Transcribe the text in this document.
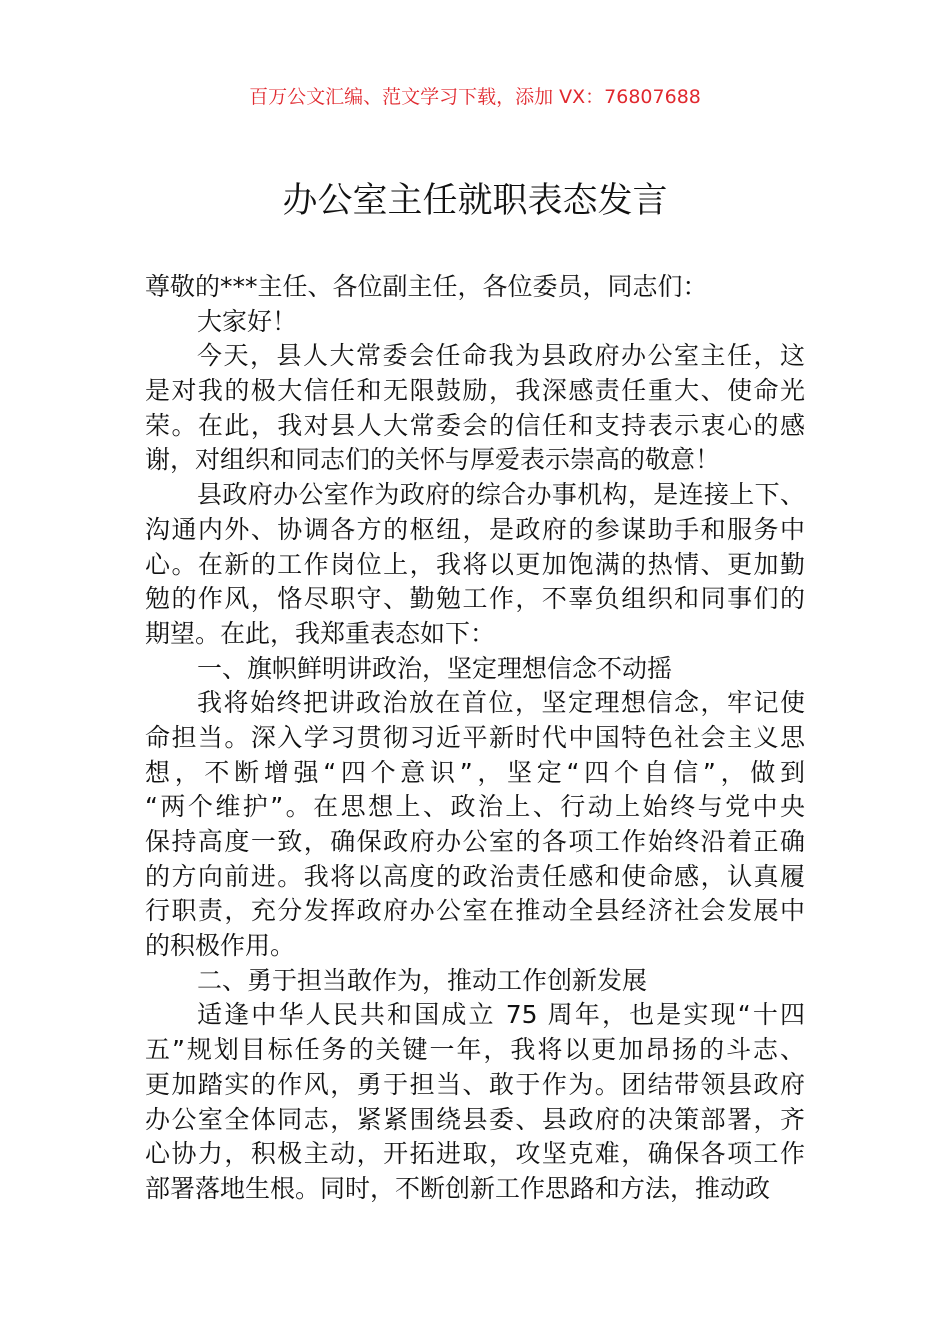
百万公文汇编、范文学习下载，添加 VX：76807688
办公室主任就职表态发言
尊敬的***主任、各位副主任，各位委员，同志们：
大家好！
今天，县人大常委会任命我为县政府办公室主任，这
是对我的极大信任和无限鼓励，我深感责任重大、使命光
荣。在此，我对县人大常委会的信任和支持表示衷心的感
谢，对组织和同志们的关怀与厚爱表示崇高的敬意！
县政府办公室作为政府的综合办事机构，是连接上下、
沟通内外、协调各方的枢纽，是政府的参谋助手和服务中
心。在新的工作岗位上，我将以更加饱满的热情、更加勤
勉的作风，恪尽职守、勤勉工作，不辜负组织和同事们的
期望。在此，我郑重表态如下：
一、旗帜鲜明讲政治，坚定理想信念不动摇
我将始终把讲政治放在首位，坚定理想信念，牢记使
命担当。深入学习贯彻习近平新时代中国特色社会主义思
想，不断增强“四个意识”，坚定“四个自信”，做到
“两个维护”。在思想上、政治上、行动上始终与党中央
保持高度一致，确保政府办公室的各项工作始终沿着正确
的方向前进。我将以高度的政治责任感和使命感，认真履
行职责，充分发挥政府办公室在推动全县经济社会发展中
的积极作用。
二、勇于担当敢作为，推动工作创新发展
适逢中华人民共和国成立 75 周年，也是实现“十四
五”规划目标任务的关键一年，我将以更加昂扬的斗志、
更加踏实的作风，勇于担当、敢于作为。团结带领县政府
办公室全体同志，紧紧围绕县委、县政府的决策部署，齐
心协力，积极主动，开拓进取，攻坚克难，确保各项工作
部署落地生根。同时，不断创新工作思路和方法，推动政
